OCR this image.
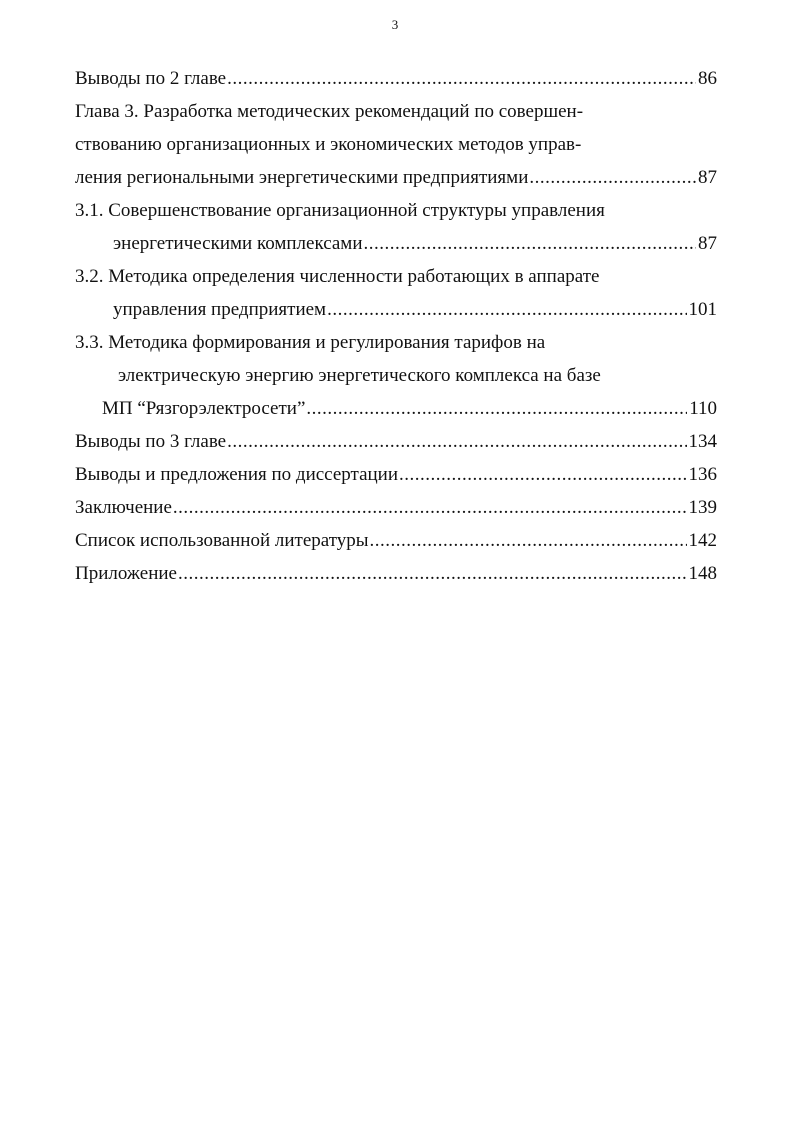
3
Выводы по 2 главе .....	86
Глава 3. Разработка методических рекомендаций по совершен-
ствованию организационных и экономических методов управ-
ления региональными энергетическими предприятиями .....	87
3.1. Совершенствование организационной структуры управления
энергетическими комплексами .....	87
3.2. Методика определения численности работающих в аппарате
управления предприятием .....	101
3.3. Методика формирования и регулирования тарифов на
электрическую энергию энергетического комплекса на базе
МП “Рязгорэлектросети” .....	110
Выводы по 3 главе .....	134
Выводы и предложения по диссертации .....	136
Заключение .....	139
Список использованной литературы .....	142
Приложение .....	148
